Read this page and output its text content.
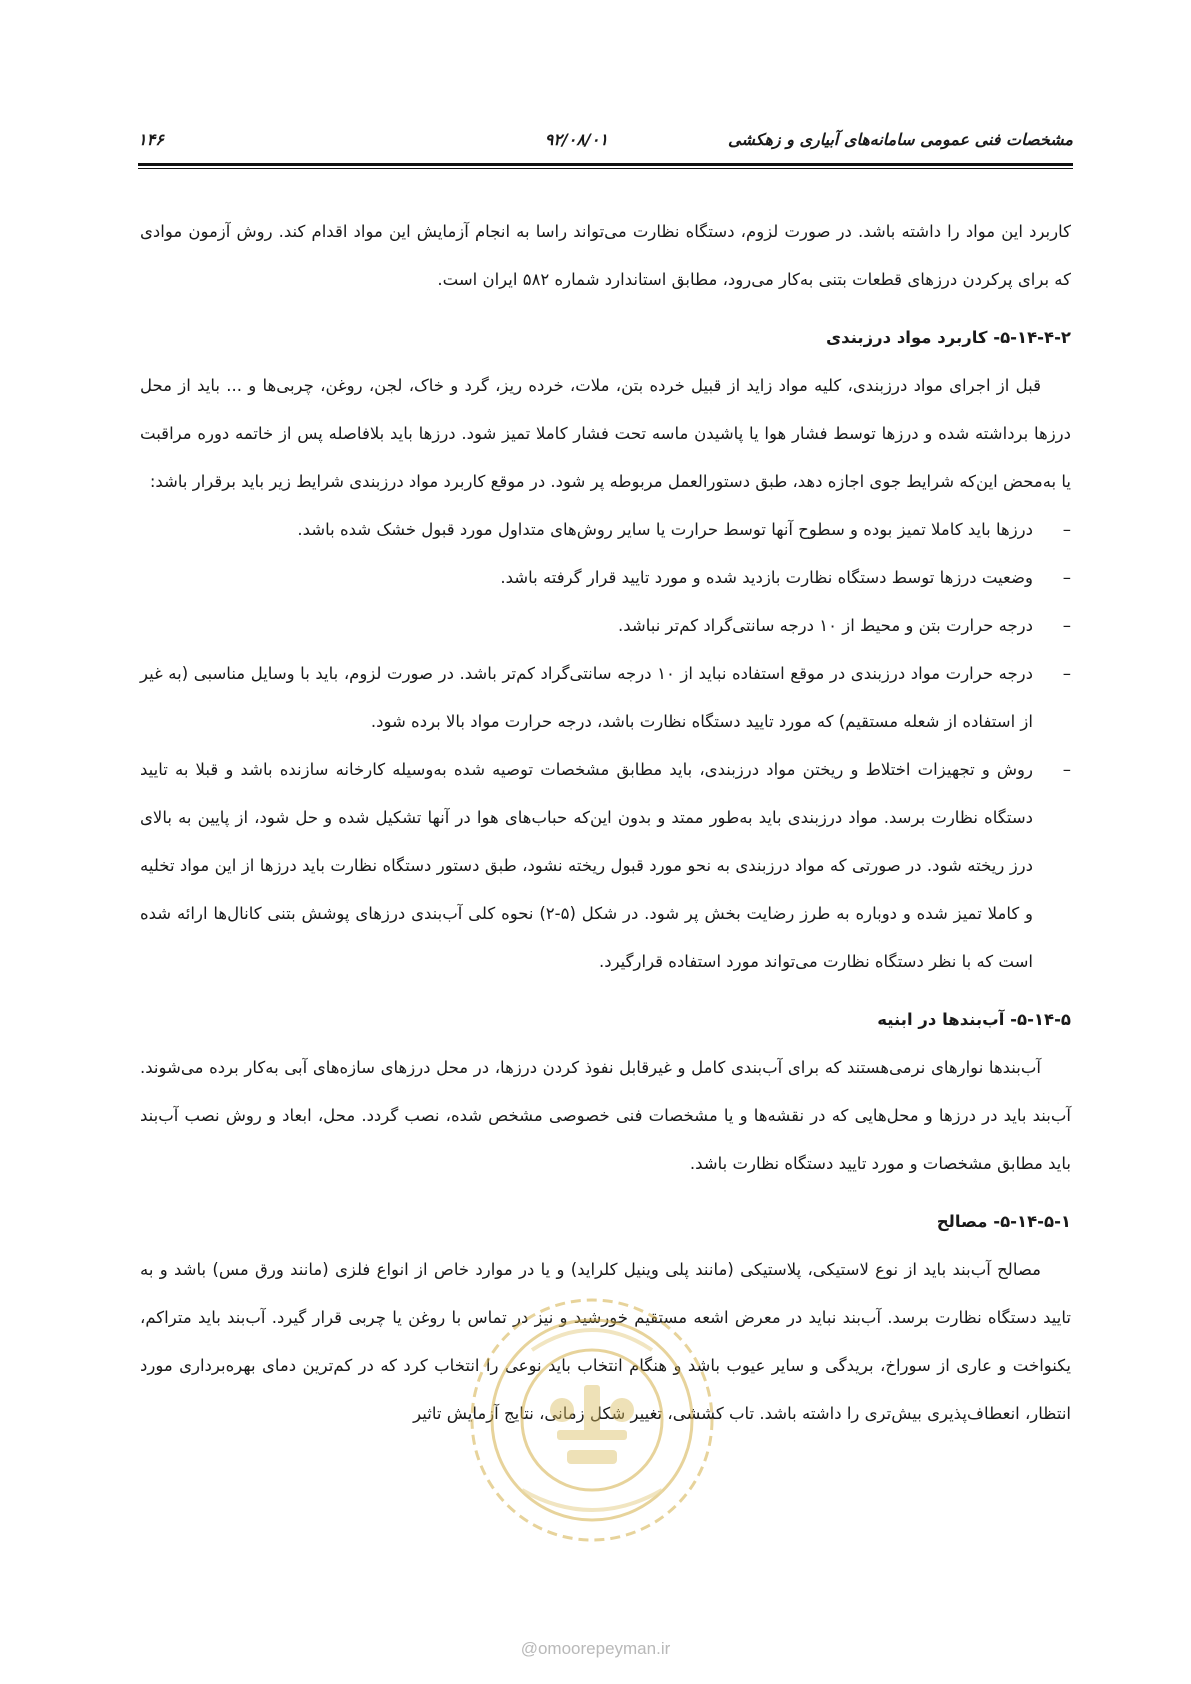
مشخصات فنی عمومی سامانه‌های آبیاری و زهکشی
۹۲/۰۸/۰۱
۱۴۶

کاربرد این مواد را داشته باشد. در صورت لزوم، دستگاه نظارت می‌تواند راسا به انجام آزمایش این مواد اقدام کند. روش آزمون موادی که برای پرکردن درزهای قطعات بتنی به‌کار می‌رود، مطابق استاندارد شماره ۵۸۲ ایران است.

۵-۱۴-۴-۲- کاربرد مواد درزبندی

قبل از اجرای مواد درزبندی، کلیه مواد زاید از قبیل خرده بتن، ملات، خرده ریز، گرد و خاک، لجن، روغن، چربی‌ها و ... باید از محل درزها برداشته شده و درزها توسط فشار هوا یا پاشیدن ماسه تحت فشار کاملا تمیز شود. درزها باید بلافاصله پس از خاتمه دوره مراقبت یا به‌محض این‌که شرایط جوی اجازه دهد، طبق دستورالعمل مربوطه پر شود. در موقع کاربرد مواد درزبندی شرایط زیر باید برقرار باشد:

– درزها باید کاملا تمیز بوده و سطوح آنها توسط حرارت یا سایر روش‌های متداول مورد قبول خشک شده باشد.
– وضعیت درزها توسط دستگاه نظارت بازدید شده و مورد تایید قرار گرفته باشد.
– درجه حرارت بتن و محیط از ۱۰ درجه سانتی‌گراد کم‌تر نباشد.
– درجه حرارت مواد درزبندی در موقع استفاده نباید از ۱۰ درجه سانتی‌گراد کم‌تر باشد. در صورت لزوم، باید با وسایل مناسبی (به غیر از استفاده از شعله مستقیم) که مورد تایید دستگاه نظارت باشد، درجه حرارت مواد بالا برده شود.
– روش و تجهیزات اختلاط و ریختن مواد درزبندی، باید مطابق مشخصات توصیه شده به‌وسیله کارخانه سازنده باشد و قبلا به تایید دستگاه نظارت برسد. مواد درزبندی باید به‌طور ممتد و بدون این‌که حباب‌های هوا در آنها تشکیل شده و حل شود، از پایین به بالای درز ریخته شود. در صورتی که مواد درزبندی به نحو مورد قبول ریخته نشود، طبق دستور دستگاه نظارت باید درزها از این مواد تخلیه و کاملا تمیز شده و دوباره به طرز رضایت بخش پر شود. در شکل (۵-۲) نحوه کلی آب‌بندی درزهای پوشش بتنی کانال‌ها ارائه شده است که با نظر دستگاه نظارت می‌تواند مورد استفاده قرارگیرد.
۵-۱۴-۵- آب‌بندها در ابنیه

آب‌بندها نوارهای نرمی‌هستند که برای آب‌بندی کامل و غیرقابل نفوذ کردن درزها، در محل درزهای سازه‌های آبی به‌کار برده می‌شوند. آب‌بند باید در درزها و محل‌هایی که در نقشه‌ها و یا مشخصات فنی خصوصی مشخص شده، نصب گردد. محل، ابعاد و روش نصب آب‌بند باید مطابق مشخصات و مورد تایید دستگاه نظارت باشد.

۵-۱۴-۵-۱- مصالح

مصالح آب‌بند باید از نوع لاستیکی، پلاستیکی (مانند پلی وینیل کلراید) و یا در موارد خاص از انواع فلزی (مانند ورق مس) باشد و به تایید دستگاه نظارت برسد. آب‌بند نباید در معرض اشعه مستقیم خورشید و نیز در تماس با روغن یا چربی قرار گیرد. آب‌بند باید متراکم، یکنواخت و عاری از سوراخ، بریدگی و سایر عیوب باشد و هنگام انتخاب باید نوعی را انتخاب کرد که در کم‌ترین دمای بهره‌برداری مورد انتظار، انعطاف‌پذیری بیش‌تری را داشته باشد. تاب کششی، تغییر شکل زمانی، نتایج آزمایش تاثیر

@omoorepeyman.ir
